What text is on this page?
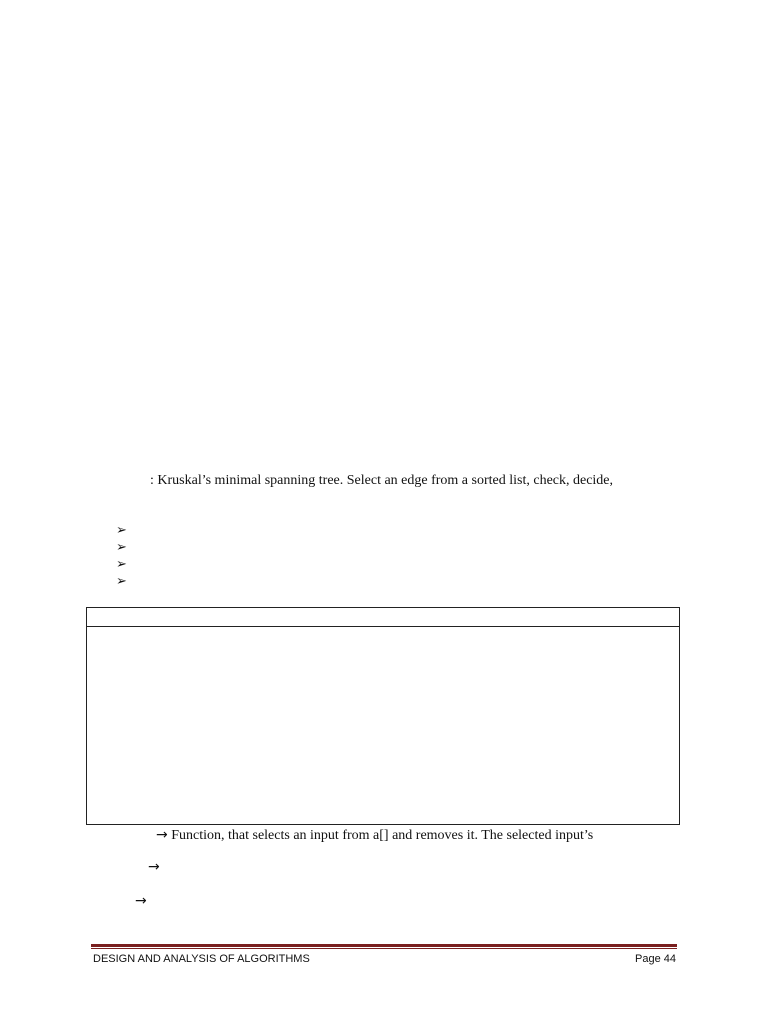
: Kruskal’s minimal spanning tree. Select an edge from a sorted list, check, decide,
➢
➢
➢
➢
→ Function, that selects an input from a[] and removes it. The selected input’s
→
→
DESIGN AND ANALYSIS OF ALGORITHMS	Page 44
